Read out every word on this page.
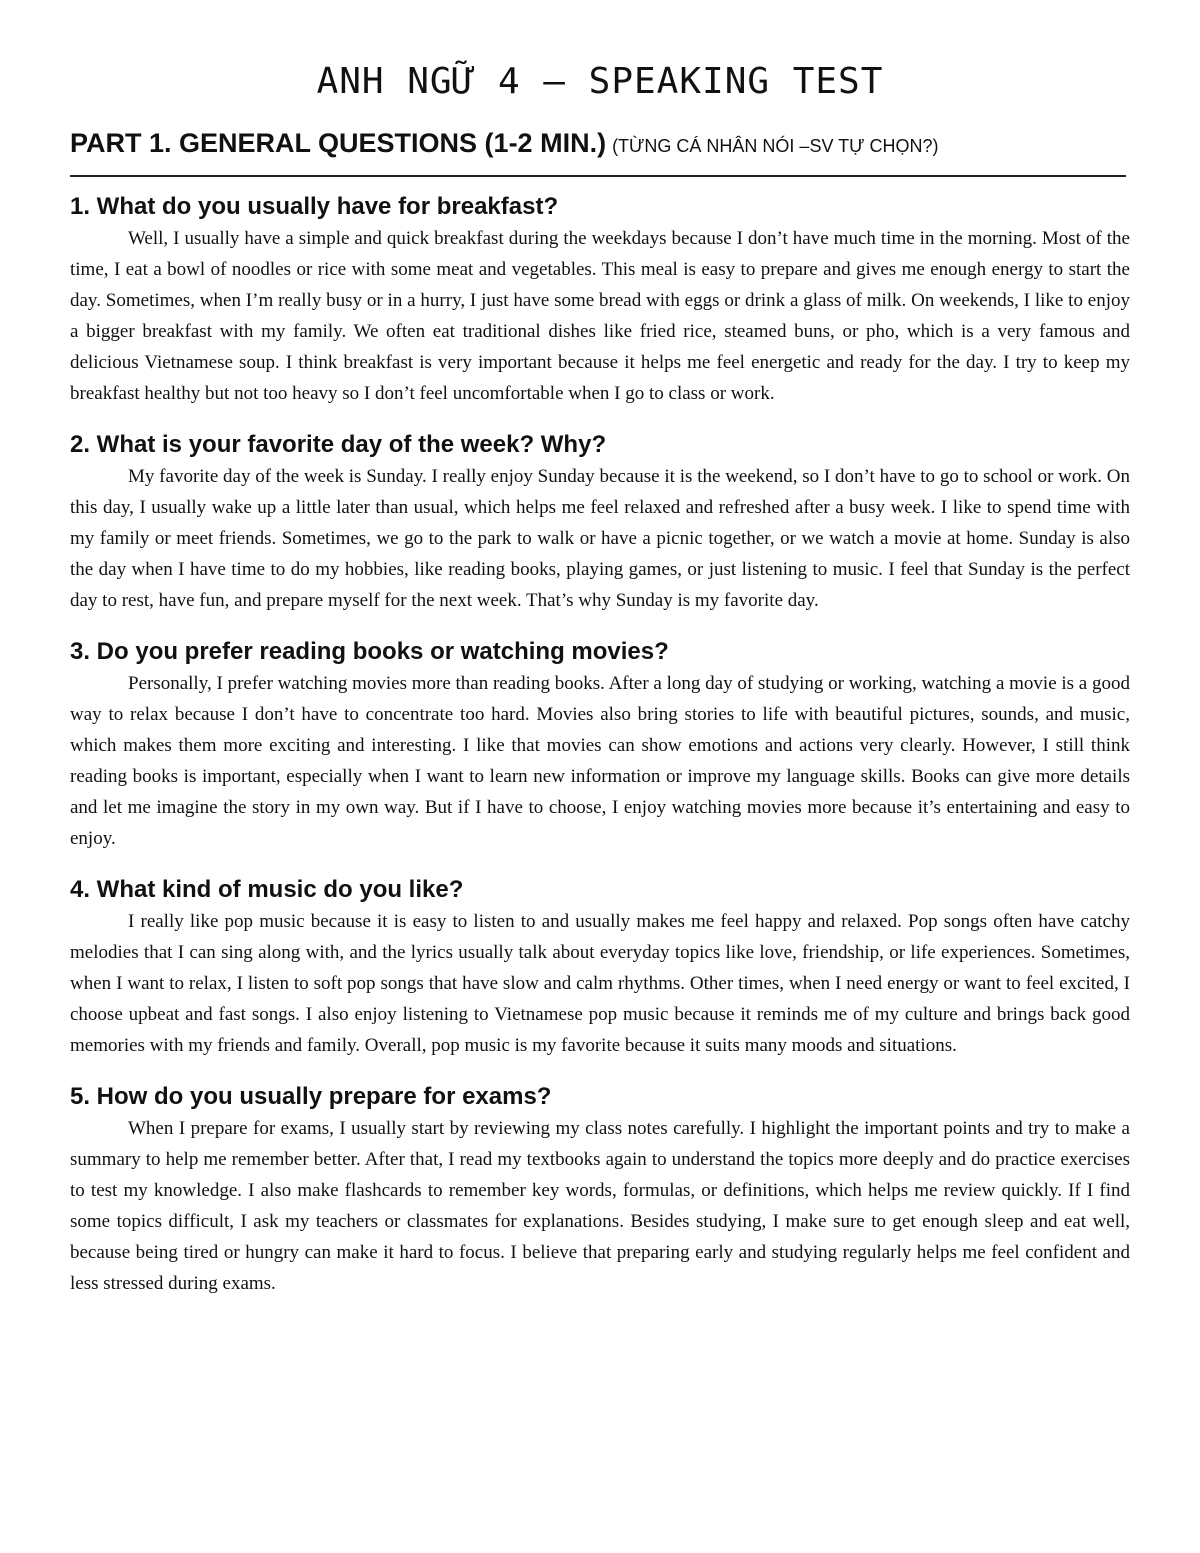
ANH NGỮ 4 – SPEAKING TEST
PART 1. GENERAL QUESTIONS (1-2 MIN.) (TỪNG CÁ NHÂN NÓI –SV TỰ CHỌN?)
1. What do you usually have for breakfast?

Well, I usually have a simple and quick breakfast during the weekdays because I don’t have much time in the morning. Most of the time, I eat a bowl of noodles or rice with some meat and vegetables. This meal is easy to prepare and gives me enough energy to start the day. Sometimes, when I’m really busy or in a hurry, I just have some bread with eggs or drink a glass of milk. On weekends, I like to enjoy a bigger breakfast with my family. We often eat traditional dishes like fried rice, steamed buns, or pho, which is a very famous and delicious Vietnamese soup. I think breakfast is very important because it helps me feel energetic and ready for the day. I try to keep my breakfast healthy but not too heavy so I don’t feel uncomfortable when I go to class or work.

2. What is your favorite day of the week? Why?

My favorite day of the week is Sunday. I really enjoy Sunday because it is the weekend, so I don’t have to go to school or work. On this day, I usually wake up a little later than usual, which helps me feel relaxed and refreshed after a busy week. I like to spend time with my family or meet friends. Sometimes, we go to the park to walk or have a picnic together, or we watch a movie at home. Sunday is also the day when I have time to do my hobbies, like reading books, playing games, or just listening to music. I feel that Sunday is the perfect day to rest, have fun, and prepare myself for the next week. That’s why Sunday is my favorite day.

3. Do you prefer reading books or watching movies?

Personally, I prefer watching movies more than reading books. After a long day of studying or working, watching a movie is a good way to relax because I don’t have to concentrate too hard. Movies also bring stories to life with beautiful pictures, sounds, and music, which makes them more exciting and interesting. I like that movies can show emotions and actions very clearly. However, I still think reading books is important, especially when I want to learn new information or improve my language skills. Books can give more details and let me imagine the story in my own way. But if I have to choose, I enjoy watching movies more because it’s entertaining and easy to enjoy.

4. What kind of music do you like?

I really like pop music because it is easy to listen to and usually makes me feel happy and relaxed. Pop songs often have catchy melodies that I can sing along with, and the lyrics usually talk about everyday topics like love, friendship, or life experiences. Sometimes, when I want to relax, I listen to soft pop songs that have slow and calm rhythms. Other times, when I need energy or want to feel excited, I choose upbeat and fast songs. I also enjoy listening to Vietnamese pop music because it reminds me of my culture and brings back good memories with my friends and family. Overall, pop music is my favorite because it suits many moods and situations.

5. How do you usually prepare for exams?

When I prepare for exams, I usually start by reviewing my class notes carefully. I highlight the important points and try to make a summary to help me remember better. After that, I read my textbooks again to understand the topics more deeply and do practice exercises to test my knowledge. I also make flashcards to remember key words, formulas, or definitions, which helps me review quickly. If I find some topics difficult, I ask my teachers or classmates for explanations. Besides studying, I make sure to get enough sleep and eat well, because being tired or hungry can make it hard to focus. I believe that preparing early and studying regularly helps me feel confident and less stressed during exams.
